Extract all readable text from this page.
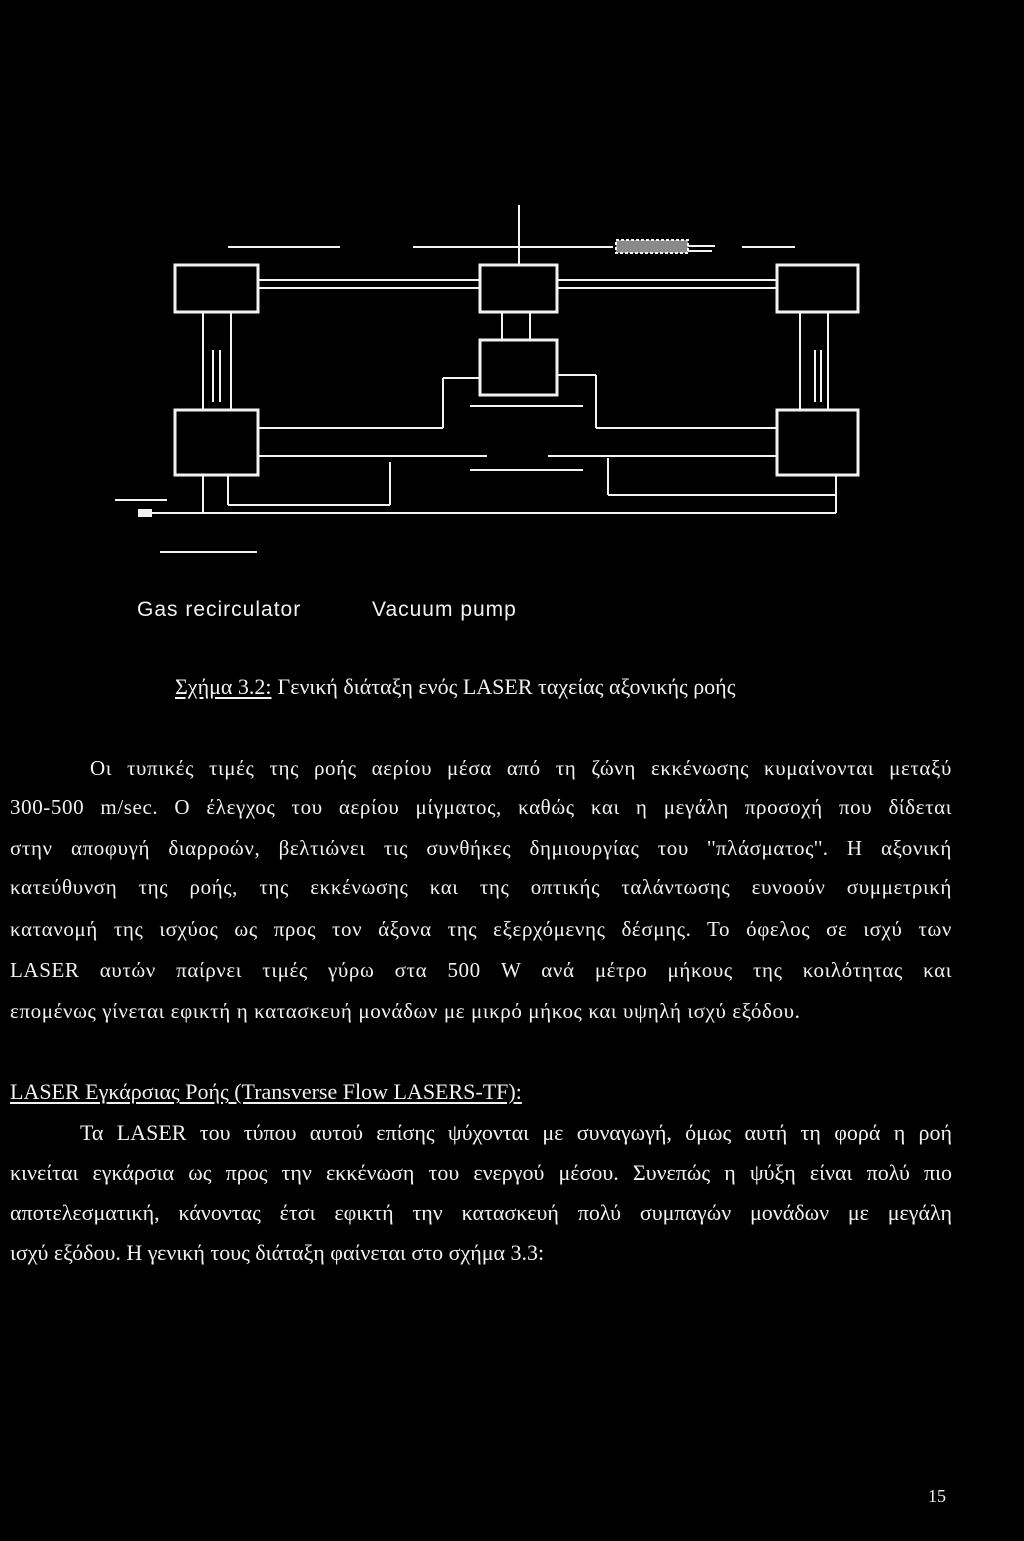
Gas recirculator	Vacuum pump
Σχήμα 3.2: Γενική διάταξη ενός LASER ταχείας αξονικής ροής
Οι τυπικές τιμές της ροής αερίου μέσα από τη ζώνη εκκένωσης κυμαίνονται μεταξύ
300-500 m/sec. Ο έλεγχος του αερίου μίγματος, καθώς και η μεγάλη προσοχή που δίδεται
στην αποφυγή διαρροών, βελτιώνει τις συνθήκες δημιουργίας του ''πλάσματος''. Η αξονική
κατεύθυνση της ροής, της εκκένωσης και της οπτικής ταλάντωσης ευνοούν συμμετρική
κατανομή της ισχύος ως προς τον άξονα της εξερχόμενης δέσμης. Το όφελος σε ισχύ των
LASER αυτών παίρνει τιμές γύρω στα 500 W ανά μέτρο μήκους της κοιλότητας και
επομένως γίνεται εφικτή η κατασκευή μονάδων με μικρό μήκος και υψηλή ισχύ εξόδου.
LASER Εγκάρσιας Ροής (Transverse Flow LASERS-TF):
Τα LASER του τύπου αυτού επίσης ψύχονται με συναγωγή, όμως αυτή τη φορά η ροή
κινείται εγκάρσια ως προς την εκκένωση του ενεργού μέσου. Συνεπώς η ψύξη είναι πολύ πιο
αποτελεσματική, κάνοντας έτσι εφικτή την κατασκευή πολύ συμπαγών μονάδων με μεγάλη
ισχύ εξόδου. Η γενική τους διάταξη φαίνεται στο σχήμα 3.3:
15
